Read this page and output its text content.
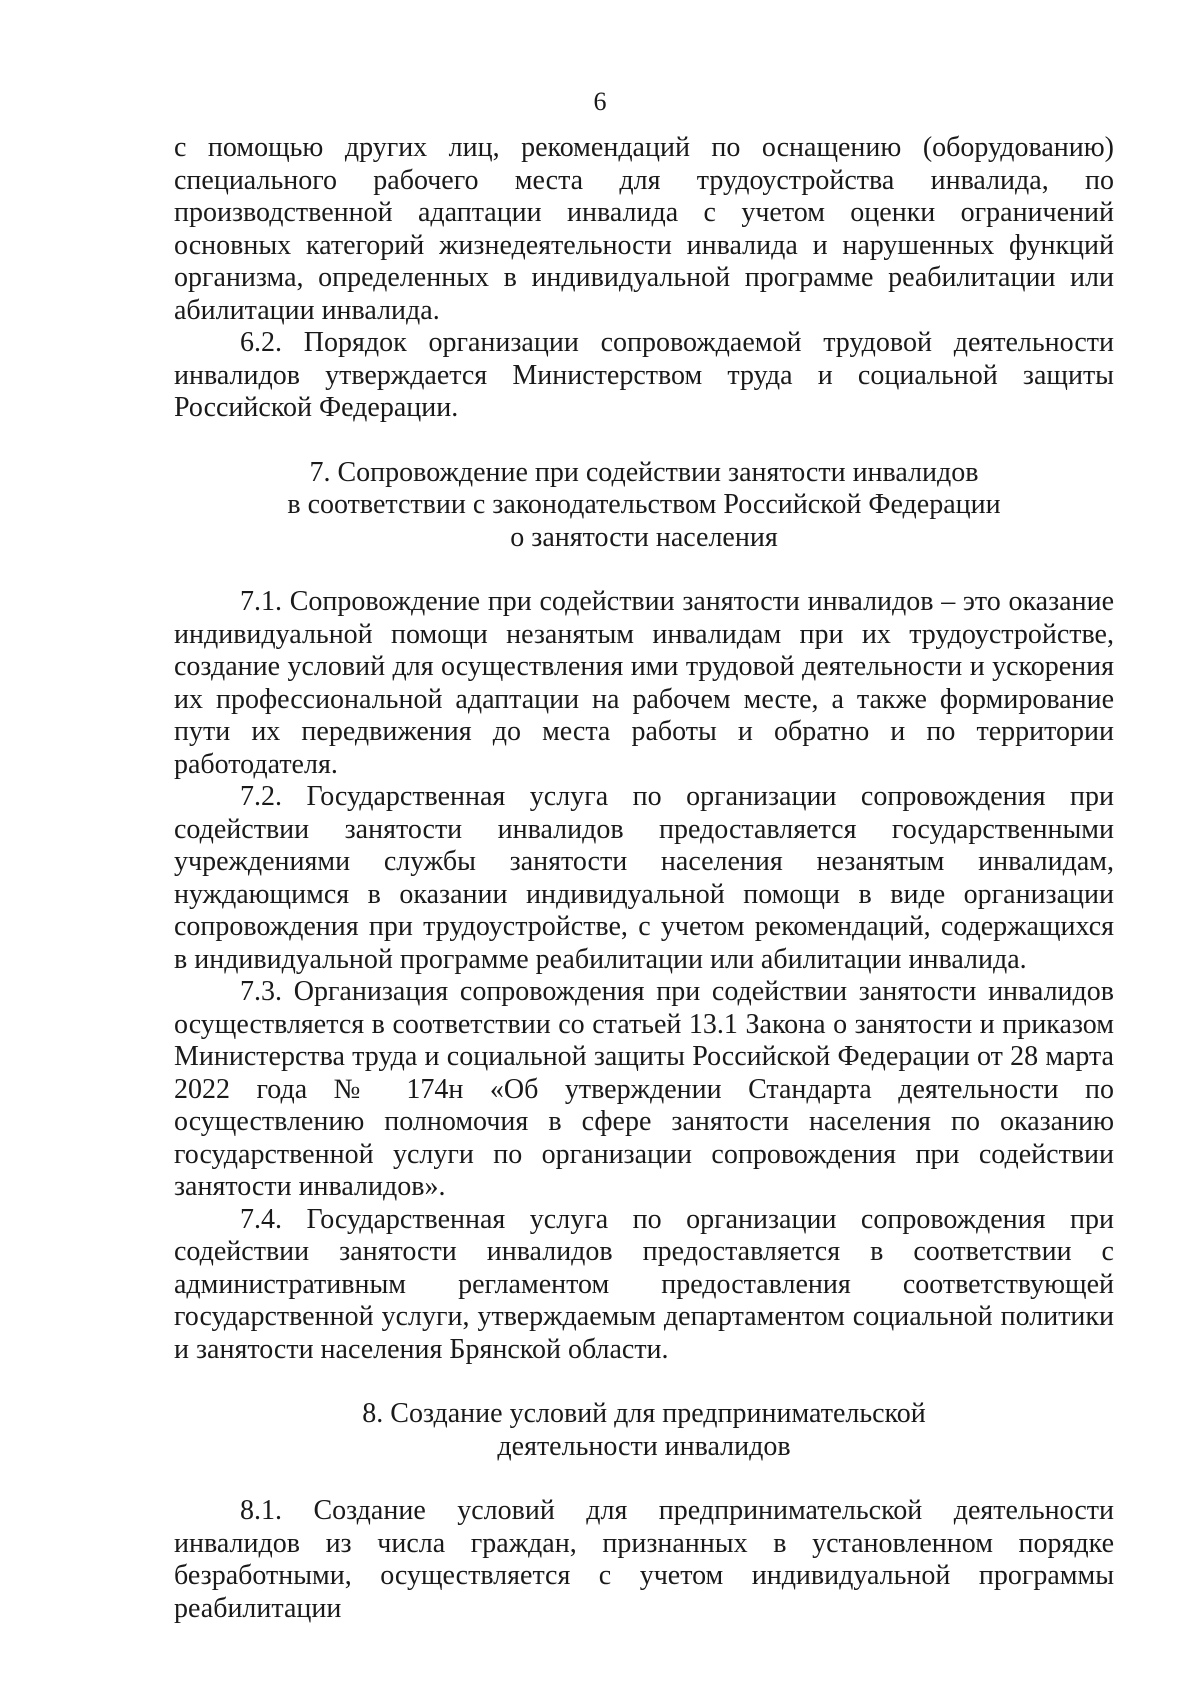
6

с помощью других лиц, рекомендаций по оснащению (оборудованию) специального рабочего места для трудоустройства инвалида, по производственной адаптации инвалида с учетом оценки ограничений основных категорий жизнедеятельности инвалида и нарушенных функций организма, определенных в индивидуальной программе реабилитации или абилитации инвалида.

6.2. Порядок организации сопровождаемой трудовой деятельности инвалидов утверждается Министерством труда и социальной защиты Российской Федерации.

7. Сопровождение при содействии занятости инвалидов

в соответствии с законодательством Российской Федерации

о занятости населения

7.1. Сопровождение при содействии занятости инвалидов – это оказание индивидуальной помощи незанятым инвалидам при их трудоустройстве, создание условий для осуществления ими трудовой деятельности и ускорения их профессиональной адаптации на рабочем месте, а также формирование пути их передвижения до места работы и обратно и по территории работодателя.

7.2. Государственная услуга по организации сопровождения при содействии занятости инвалидов предоставляется государственными учреждениями службы занятости населения незанятым инвалидам, нуждающимся в оказании индивидуальной помощи в виде организации сопровождения при трудоустройстве, с учетом рекомендаций, содержащихся в индивидуальной программе реабилитации или абилитации инвалида.

7.3. Организация сопровождения при содействии занятости инвалидов осуществляется в соответствии со статьей 13.1 Закона о занятости и приказом Министерства труда и социальной защиты Российской Федерации от 28 марта 2022 года № 174н «Об утверждении Стандарта деятельности по осуществлению полномочия в сфере занятости населения по оказанию государственной услуги по организации сопровождения при содействии занятости инвалидов».

7.4. Государственная услуга по организации сопровождения при содействии занятости инвалидов предоставляется в соответствии с административным регламентом предоставления соответствующей государственной услуги, утверждаемым департаментом социальной политики и занятости населения Брянской области.

8. Создание условий для предпринимательской

деятельности инвалидов

8.1. Создание условий для предпринимательской деятельности инвалидов из числа граждан, признанных в установленном порядке безработными, осуществляется с учетом индивидуальной программы реабилитации
